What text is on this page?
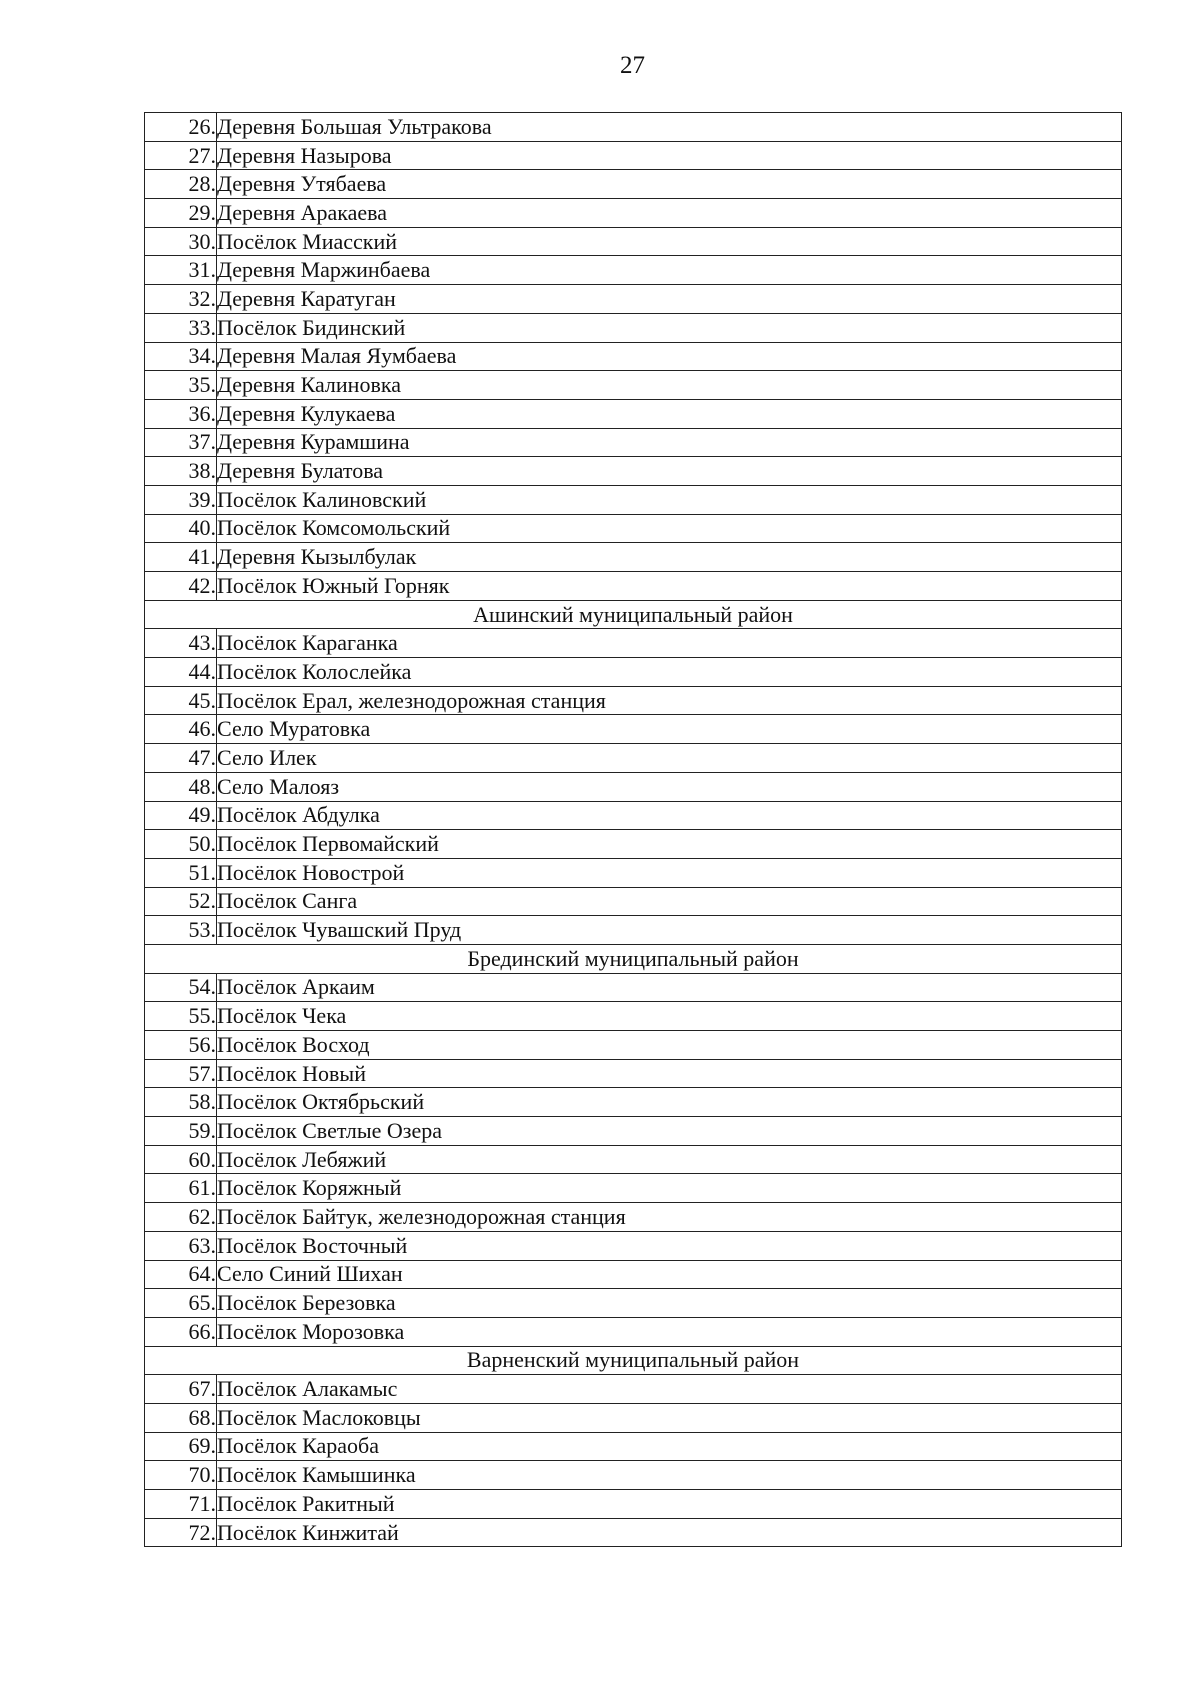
27
26.	Деревня Большая Ультракова
27.	Деревня Назырова
28.	Деревня Утябаева
29.	Деревня Аракаева
30.	Посёлок Миасский
31.	Деревня Маржинбаева
32.	Деревня Каратуган
33.	Посёлок Бидинский
34.	Деревня Малая Яумбаева
35.	Деревня Калиновка
36.	Деревня Кулукаева
37.	Деревня Курамшина
38.	Деревня Булатова
39.	Посёлок Калиновский
40.	Посёлок Комсомольский
41.	Деревня Кызылбулак
42.	Посёлок Южный Горняк
Ашинский муниципальный район	
43.	Посёлок Караганка
44.	Посёлок Колослейка
45.	Посёлок Ерал, железнодорожная станция
46.	Село Муратовка
47.	Село Илек
48.	Село Малояз
49.	Посёлок Абдулка
50.	Посёлок Первомайский
51.	Посёлок Новострой
52.	Посёлок Санга
53.	Посёлок Чувашский Пруд
Брединский муниципальный район	
54.	Посёлок Аркаим
55.	Посёлок Чека
56.	Посёлок Восход
57.	Посёлок Новый
58.	Посёлок Октябрьский
59.	Посёлок Светлые Озера
60.	Посёлок Лебяжий
61.	Посёлок Коряжный
62.	Посёлок Байтук, железнодорожная станция
63.	Посёлок Восточный
64.	Село Синий Шихан
65.	Посёлок Березовка
66.	Посёлок Морозовка
Варненский муниципальный район	
67.	Посёлок Алакамыс
68.	Посёлок Маслоковцы
69.	Посёлок Караоба
70.	Посёлок Камышинка
71.	Посёлок Ракитный
72.	Посёлок Кинжитай
